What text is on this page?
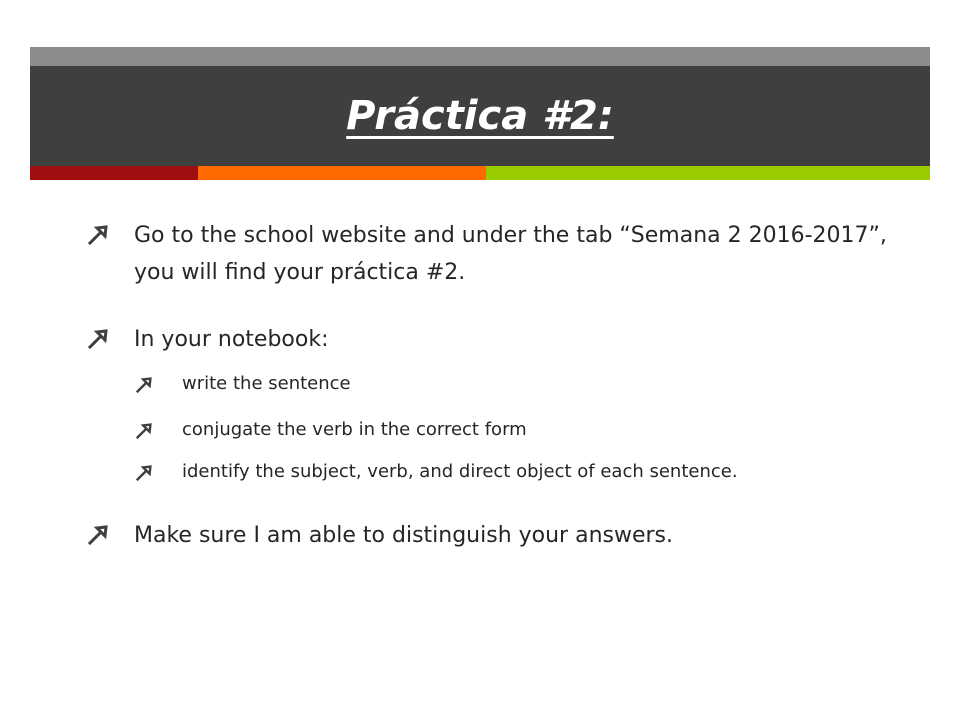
Práctica #2:
Go to the school website and under the tab “Semana 2 2016-2017”, you will find your práctica #2.
In your notebook:
write the sentence
conjugate the verb in the correct form
identify the subject, verb, and direct object of each sentence.
Make sure I am able to distinguish your answers.
